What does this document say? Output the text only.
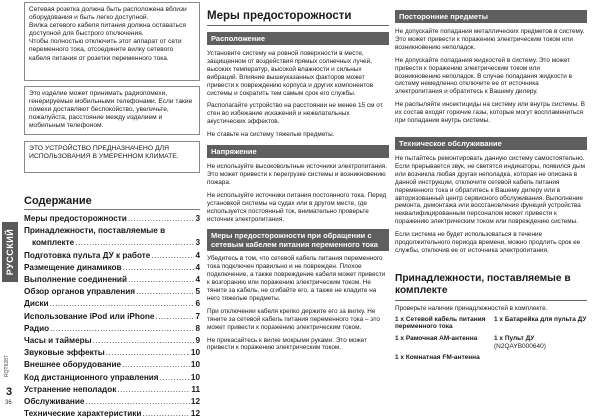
РУССКИЙ
RQT9287
3
36

Сетевая розетка должна быть расположена вблизи оборудования и быть легко доступной.

Вилка сетевого кабеля питания должна оставаться доступной для быстрого отключения.

Чтобы полностью отключить этот аппарат от сети переменного тока, отсоедините вилку сетевого кабеля питания от розетки переменного тока.

Это изделие может принимать радиопомехи, генерируемые мобильными телефонами. Если такие помехи доставляют беспокойство, увеличьте, пожалуйста, расстояние между изделием и мобильным телефоном.

ЭТО УСТРОЙСТВО ПРЕДНАЗНАЧЕНО ДЛЯ ИСПОЛЬЗОВАНИЯ В УМЕРЕННОМ КЛИМАТЕ.

Содержание
Меры предосторожности .....	3
Принадлежности, поставляемые в
комплекте .....	3
Подготовка пульта ДУ к работе .....	4
Размещение динамиков .....	4
Выполнение соединений .....	4
Обзор органов управления .....	5
Диски .....	6
Использование iPod или iPhone .....	7
Радио .....	8
Часы и таймеры .....	9
Звуковые эффекты .....	10
Внешнее оборудование .....	10
Код дистанционного управления .....	10
Устранение неполадок .....	11
Обслуживание .....	12
Технические характеристики .....	12
Меры предосторожности
Расположение

Установите систему на ровной поверхности в месте, защищенном от воздействия прямых солнечных лучей, высоких температур, высокой влажности и сильных вибраций. Влияние вышеуказанных факторов может привести к повреждению корпуса и других компонентов системы и сократить тем самым срок его службы.

Располагайте устройство на расстоянии не менее 15 см от стен во избежание искажений и нежелательных акустических эффектов.

Не ставьте на систему тяжелые предметы.

Напряжение

Не используйте высоковольтные источники электропитания. Это может привести к перегрузке системы и возникновению пожара.

Не используйте источники питания постоянного тока. Перед установкой системы на судах или в другом месте, где используется постоянный ток, внимательно проверьте источник электропитания.

Меры предосторожности при обращении с сетевым кабелем питания переменного тока

Убедитесь в том, что сетевой кабель питания переменного тока подключен правильно и не поврежден. Плохое подключение, а также повреждение кабеля может привести к возгоранию или поражению электрическим током. Не тяните за кабель, не сгибайте его, а также не кладите на него тяжелые предметы.

При отключении кабеля крепко держите его за вилку. Не тяните за сетевой кабель питания переменного тока – это может привести к поражению электрическим током.

Не прикасайтесь к вилке мокрыми руками. Это может привести к поражению электрическим током.

Посторонние предметы

Не допускайте попадания металлических предметов в систему. Это может привести к поражению электрическим током или возникновению неполадок.

Не допускайте попадания жидкостей в систему. Это может привести к поражению электрическим током или возникновению неполадок. В случае попадания жидкости в систему немедленно отключите ее от источника электропитания и обратитесь к Вашему дилеру.

Не распыляйте инсектициды на систему или внутрь системы. В их состав входят горючие газы, которые могут воспламениться при попадании внутрь системы.

Техническое обслуживание

Не пытайтесь ремонтировать данную систему самостоятельно. Если прерывается звук, не светятся индикаторы, появился дым или возникла любая другая неполадка, которая не описана в данной инструкции, отключите сетевой кабель питания переменного тока и обратитесь к Вашему дилеру или в авторизованный центр сервисного обслуживания. Выполнение ремонта, демонтажа или восстановления функций устройства неквалифицированным персоналом может привести к поражению электрическим током или повреждению системы.

Если система не будет использоваться в течение продолжительного периода времени, можно продлить срок ее службы, отключив ее от источника электропитания.

Принадлежности, поставляемые в комплекте
Проверьте наличие принадлежностей в комплекте.
1 x Сетевой кабель питания переменного тока
1 x Батарейка для пульта ДУ
1 x Рамочная AM-антенна	1 x Пульт ДУ
(N2QAYB000640)
1 x Комнатная FM-антенна
